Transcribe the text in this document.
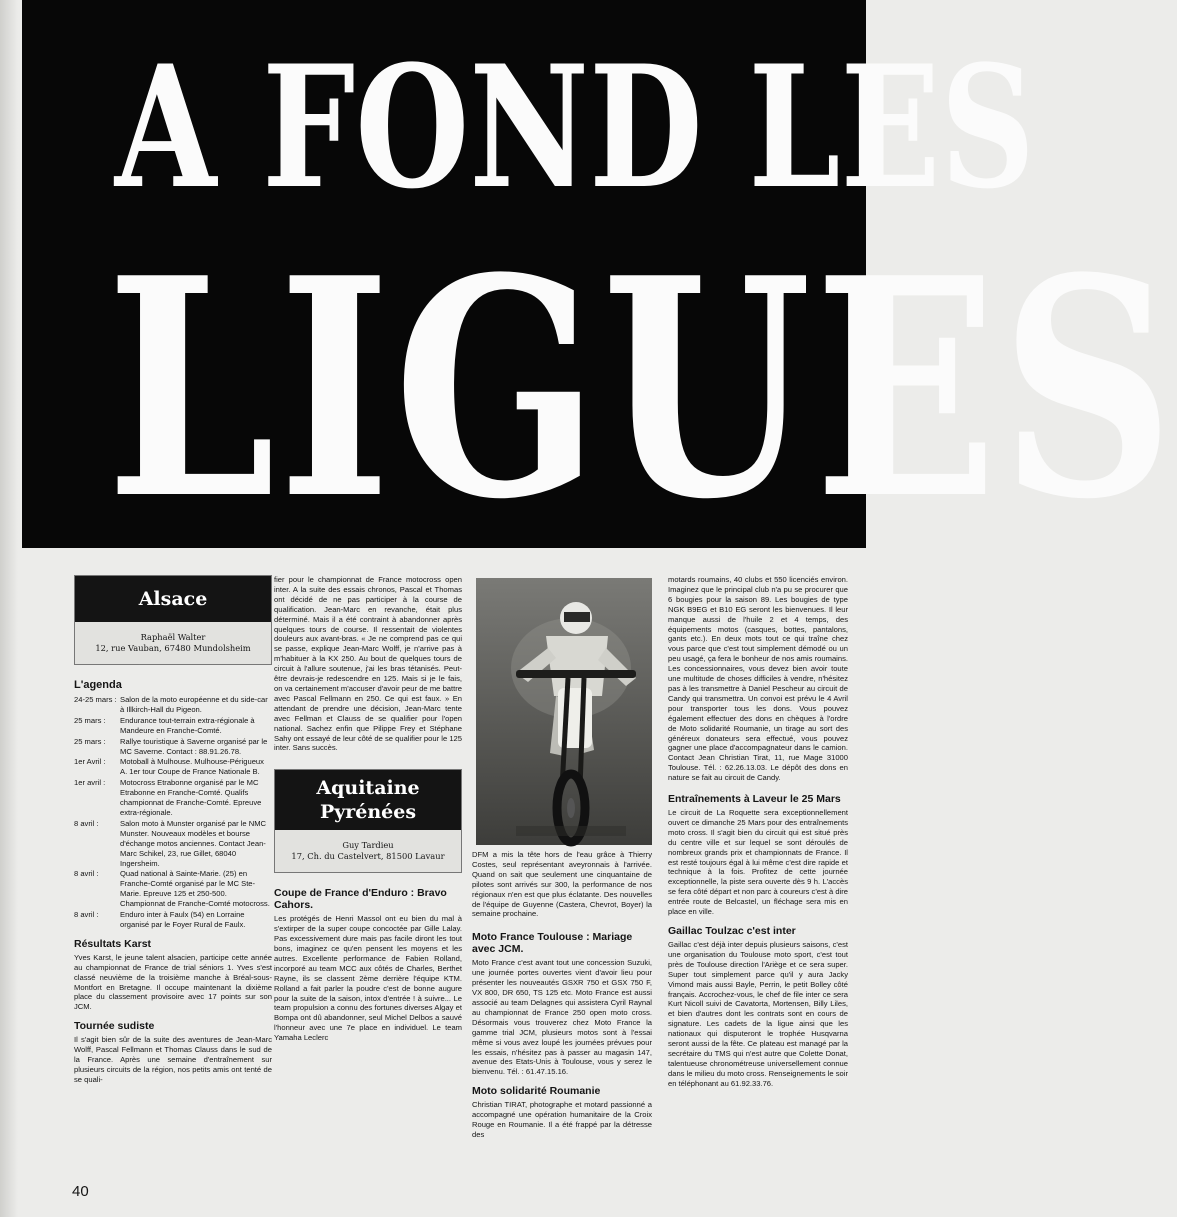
A FOND LES
LIGUES
Alsace
Raphaël Walter
12, rue Vauban, 67480 Mundolsheim
L'agenda
24-25 mars : Salon de la moto européenne et du side-car à Illkirch-Hall du Pigeon.
25 mars :	Endurance tout-terrain extra-régionale à Mandeure en Franche-Comté.
25 mars :	Rallye touristique à Saverne organisé par le MC Saverne. Contact : 88.91.26.78.
1er Avril :	Motoball à Mulhouse. Mulhouse-Périgueux A. 1er tour Coupe de France Nationale B.
1er avril :	Motocross Etrabonne organisé par le MC Etrabonne en Franche-Comté. Qualifs championnat de Franche-Comté. Epreuve extra-régionale.
8 avril :	Salon moto à Munster organisé par le NMC Munster. Nouveaux modèles et bourse d'échange motos anciennes. Contact Jean-Marc Schikel, 23, rue Gillet, 68040 Ingersheim.
8 avril :	Quad national à Sainte-Marie. (25) en Franche-Comté organisé par le MC Ste-Marie. Epreuve 125 et 250-500. Championnat de Franche-Comté motocross.
8 avril :	Enduro inter à Faulx (54) en Lorraine organisé par le Foyer Rural de Faulx.
Résultats Karst

Yves Karst, le jeune talent alsacien, participe cette année au championnat de France de trial séniors 1. Yves s'est classé neuvième de la troisième manche à Bréal-sous-Montfort en Bretagne. Il occupe maintenant la dixième place du classement provisoire avec 17 points sur son JCM.

Tournée sudiste

Il s'agit bien sûr de la suite des aventures de Jean-Marc Wolff, Pascal Fellmann et Thomas Clauss dans le sud de la France. Après une semaine d'entraînement sur plusieurs circuits de la région, nos petits amis ont tenté de se quali-

fier pour le championnat de France motocross open inter. A la suite des essais chronos, Pascal et Thomas ont décidé de ne pas participer à la course de qualification. Jean-Marc en revanche, était plus déterminé. Mais il a été contraint à abandonner après quelques tours de course. Il ressentait de violentes douleurs aux avant-bras. « Je ne comprend pas ce qui se passe, explique Jean-Marc Wolff, je n'arrive pas à m'habituer à la KX 250. Au bout de quelques tours de circuit à l'allure soutenue, j'ai les bras tétanisés. Peut-être devrais-je redescendre en 125. Mais si je le fais, on va certainement m'accuser d'avoir peur de me battre avec Pascal Fellmann en 250. Ce qui est faux. » En attendant de prendre une décision, Jean-Marc tente avec Fellman et Clauss de se qualifier pour l'open national. Sachez enfin que Pilippe Frey et Stéphane Sahy ont essayé de leur côté de se qualifier pour le 125 inter. Sans succès.

Aquitaine
Pyrénées
Guy Tardieu
17, Ch. du Castelvert, 81500 Lavaur
Coupe de France d'Enduro : Bravo Cahors.

Les protégés de Henri Massol ont eu bien du mal à s'extirper de la super coupe concoctée par Gille Lalay. Pas excessivement dure mais pas facile diront les tout bons, imaginez ce qu'en pensent les moyens et les autres. Excellente performance de Fabien Rolland, incorporé au team MCC aux côtés de Charles, Berthet Rayne, ils se classent 2ème derrière l'équipe KTM. Rolland a fait parler la poudre c'est de bonne augure pour la suite de la saison, intox d'entrée ! à suivre... Le team propulsion a connu des fortunes diverses Algay et Bompa ont dû abandonner, seul Michel Delbos a sauvé l'honneur avec une 7e place en individuel. Le team Yamaha Leclerc

DFM a mis la tête hors de l'eau grâce à Thierry Costes, seul représentant aveyronnais à l'arrivée. Quand on sait que seulement une cinquantaine de pilotes sont arrivés sur 300, la performance de nos régionaux n'en est que plus éclatante. Des nouvelles de l'équipe de Guyenne (Castera, Chevrot, Boyer) la semaine prochaine.

Moto France Toulouse : Mariage avec JCM.

Moto France c'est avant tout une concession Suzuki, une journée portes ouvertes vient d'avoir lieu pour présenter les nouveautés GSXR 750 et GSX 750 F, VX 800, DR 650, TS 125 etc. Moto France est aussi associé au team Delagnes qui assistera Cyril Raynal au championnat de France 250 open moto cross. Désormais vous trouverez chez Moto France la gamme trial JCM, plusieurs motos sont à l'essai même si vous avez loupé les journées prévues pour les essais, n'hésitez pas à passer au magasin 147, avenue des Etats-Unis à Toulouse, vous y serez le bienvenu. Tél. : 61.47.15.16.

Moto solidarité Roumanie

Christian TIRAT, photographe et motard passionné a accompagné une opération humanitaire de la Croix Rouge en Roumanie. Il a été frappé par la détresse des

motards roumains, 40 clubs et 550 licenciés environ. Imaginez que le principal club n'a pu se procurer que 6 bougies pour la saison 89. Les bougies de type NGK B9EG et B10 EG seront les bienvenues. Il leur manque aussi de l'huile 2 et 4 temps, des équipements motos (casques, bottes, pantalons, gants etc.). En deux mots tout ce qui traîne chez vous parce que c'est tout simplement démodé ou un peu usagé, ça fera le bonheur de nos amis roumains. Les concessionnaires, vous devez bien avoir toute une multitude de choses difficiles à vendre, n'hésitez pas à les transmettre à Daniel Pescheur au circuit de Candy qui transmettra. Un convoi est prévu le 4 Avril pour transporter tous les dons. Vous pouvez également effectuer des dons en chèques à l'ordre de Moto solidarité Roumanie, un tirage au sort des généreux donateurs sera effectué, vous pouvez gagner une place d'accompagnateur dans le camion. Contact Jean Christian Tirat, 11, rue Mage 31000 Toulouse. Tél. : 62.26.13.03. Le dépôt des dons en nature se fait au circuit de Candy.

Entraînements à Laveur le 25 Mars

Le circuit de La Roquette sera exceptionnellement ouvert ce dimanche 25 Mars pour des entraînements moto cross. Il s'agit bien du circuit qui est situé près du centre ville et sur lequel se sont déroulés de nombreux grands prix et championnats de France. Il est resté toujours égal à lui même c'est dire rapide et technique à la fois. Profitez de cette journée exceptionnelle, la piste sera ouverte dès 9 h. L'accès se fera côté départ et non parc à coureurs c'est à dire entrée route de Belcastel, un fléchage sera mis en place en ville.

Gaillac Toulzac c'est inter

Gaillac c'est déjà inter depuis plusieurs saisons, c'est une organisation du Toulouse moto sport, c'est tout près de Toulouse direction l'Ariège et ce sera super. Super tout simplement parce qu'il y aura Jacky Vimond mais aussi Bayle, Perrin, le petit Bolley côté français. Accrochez-vous, le chef de file inter ce sera Kurt Nicoll suivi de Cavatorta, Mortensen, Billy Liles, et bien d'autres dont les contrats sont en cours de signature. Les cadets de la ligue ainsi que les nationaux qui disputeront le trophée Husqvarna seront aussi de la fête. Ce plateau est managé par la secrétaire du TMS qui n'est autre que Colette Donat, talentueuse chronométreuse universellement connue dans le milieu du moto cross. Renseignements le soir en téléphonant au 61.92.33.76.

40
